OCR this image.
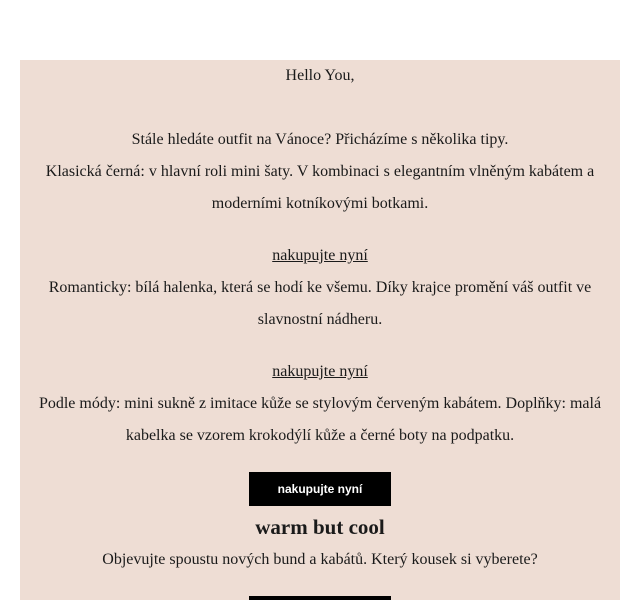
Hello You,

Stále hledáte outfit na Vánoce? Přicházíme s několika tipy.

Klasická černá: v hlavní roli mini šaty. V kombinaci s elegantním vlněným kabátem a moderními kotníkovými botkami.

nakupujte nyní

Romanticky: bílá halenka, která se hodí ke všemu. Díky krajce promění váš outfit ve slavnostní nádheru.

nakupujte nyní

Podle módy: mini sukně z imitace kůže se stylovým červeným kabátem. Doplňky: malá kabelka se vzorem krokodýlí kůže a černé boty na podpatku.

nakupujte nyní
warm but cool

Objevujte spoustu nových bund a kabátů. Který kousek si vyberete?
